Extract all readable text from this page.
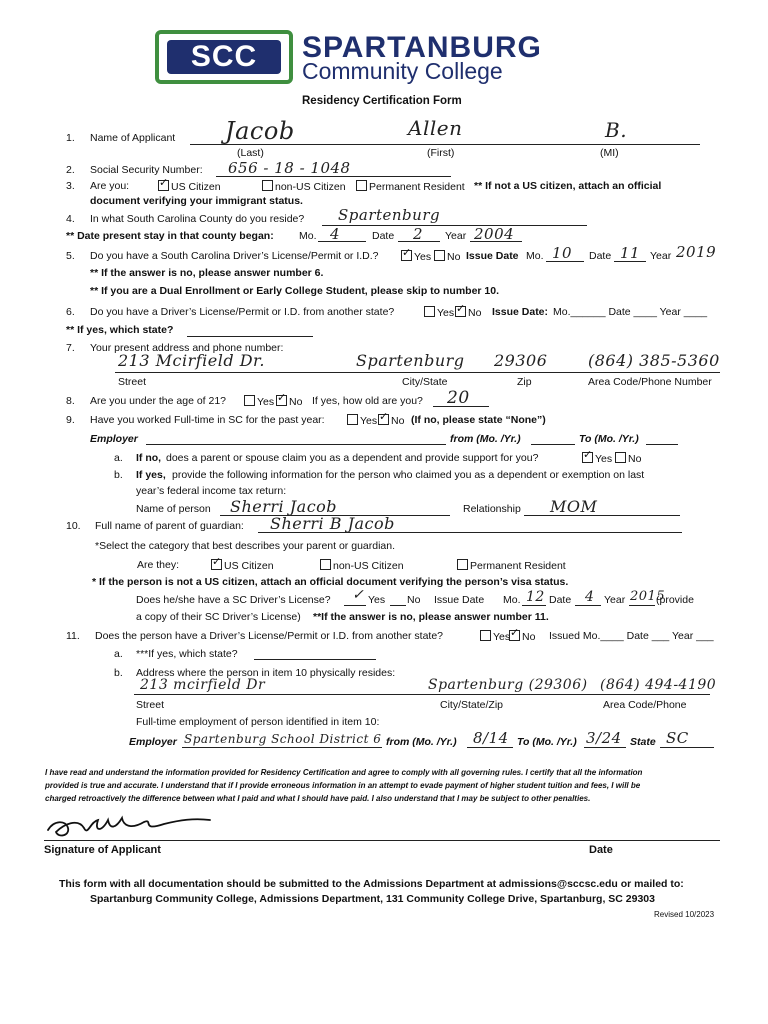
SCC	SPARTANBURG
Community College
Residency Certification Form
1. Name of Applicant Jacob	Allen	B.
(Last)	(First)	(MI)
2. Social Security Number: 656 - 18 - 1048
3. Are you: ✓	US Citizen	non-US Citizen	Permanent Resident ** If not a US citizen, attach an official
document verifying your immigrant status.
4. In what South Carolina County do you reside? Spartenburg
** Date present stay in that county began: Mo. 4	Date 2 Year 2004
5. Do you have a South Carolina Driver’s License/Permit or I.D.? ✓	Yes	No Issue Date Mo. 10 Date 11 Year 2019
** If the answer is no, please answer number 6.
** If you are a Dual Enrollment or Early College Student, please skip to number 10.
6. Do you have a Driver’s License/Permit or I.D. from another state?	Yes ✓	No Issue Date: Mo.______ Date ____ Year ____
** If yes, which state?
7. Your present address and phone number:
213 Mcirfield Dr.	Spartenburg 29306	(864) 385-5360
Street	City/State	Zip	Area Code/Phone Number
8. Are you under the age of 21?	Yes ✓	No If yes, how old are you? 20
9. Have you worked Full-time in SC for the past year:	Yes ✓	No (If no, please state “None”)
Employer	from (Mo. /Yr.)	To (Mo. /Yr.)
a. If no, does a parent or spouse claim you as a dependent and provide support for you? ✓	Yes	No
b. If yes, provide the following information for the person who claimed you as a dependent or exemption on last
year’s federal income tax return:
Name of person Sherri Jacob	Relationship MOM
10. Full name of parent of guardian: Sherri B Jacob
*Select the category that best describes your parent or guardian.
Are they: ✓	US Citizen	non-US Citizen	Permanent Resident
* If the person is not a US citizen, attach an official document verifying the person’s visa status.
Does he/she have a SC Driver’s License? ✓ Yes No Issue Date Mo. 12 Date 4 Year 2015
(provide
a copy of their SC Driver’s License) **If the answer is no, please answer number 11.
11. Does the person have a Driver’s License/Permit or I.D. from another state?	Yes ✓	No Issued Mo.____ Date ___ Year ___
a. ***If yes, which state?
b. Address where the person in item 10 physically resides:
213 mcirfield Dr	Spartenburg (29306) (864) 494-4190
Street	City/State/Zip	Area Code/Phone
Full-time employment of person identified in item 10:
Employer Spartenburg School District 6 from (Mo. /Yr.) 8/14 To (Mo. /Yr.) 3/24 State SC
I have read and understand the information provided for Residency Certification and agree to comply with all governing rules. I certify that all the information
provided is true and accurate. I understand that if I provide erroneous information in an attempt to evade payment of higher student tuition and fees, I will be
charged retroactively the difference between what I paid and what I should have paid. I also understand that I may be subject to other penalties.
Signature of Applicant	Date
This form with all documentation should be submitted to the Admissions Department at admissions@sccsc.edu or mailed to:
Spartanburg Community College, Admissions Department, 131 Community College Drive, Spartanburg, SC 29303
Revised 10/2023
